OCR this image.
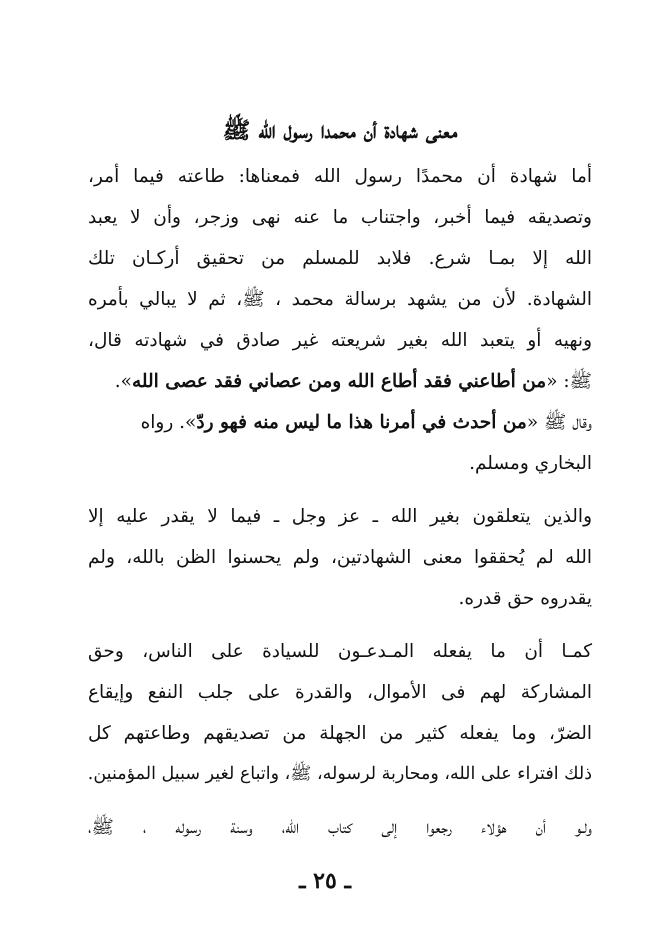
معنى شهادة أن محمدا رسول الله ﷺ
أما شهادة أن محمدًا رسول الله فمعناها: طاعته فيما أمر،
وتصديقه فيما أخبر، واجتناب ما عنه نهى وزجر، وأن لا يعبد
الله إلا بمـا شرع. فلابد للمسلم من تحقيق أركـان تلك
الشهادة. لأن من يشهد برسالة محمد ، ﷺ، ثم لا يبالي بأمره
ونهيه أو يتعبد الله بغير شريعته غير صادق في شهادته قال،
ﷺ: «من أطاعني فقد أطاع الله ومن عصاني فقد عصى الله».
وقال ﷺ «من أحدث في أمرنا هذا ما ليس منه فهو ردّ». رواه
البخاري ومسلم.
والذين يتعلقون بغير الله ـ عز وجل ـ فيما لا يقدر عليه إلا
الله لم يُحققوا معنى الشهادتين، ولم يحسنوا الظن بالله، ولم
يقدروه حق قدره.
كمـا أن ما يفعله المـدعـون للسيادة على الناس، وحق
المشاركة لهم فى الأموال، والقدرة على جلب النفع وإيقاع
الضرّ، وما يفعله كثير من الجهلة من تصديقهم وطاعتهم كل
ذلك افتراء على الله، ومحاربة لرسوله، ﷺ، واتباع لغير سبيل المؤمنين.
ولـو أن هؤلاء رجعوا إلى كتاب الله، وسنة رسوله ، ﷺ،
ـ ٢٥ ـ
